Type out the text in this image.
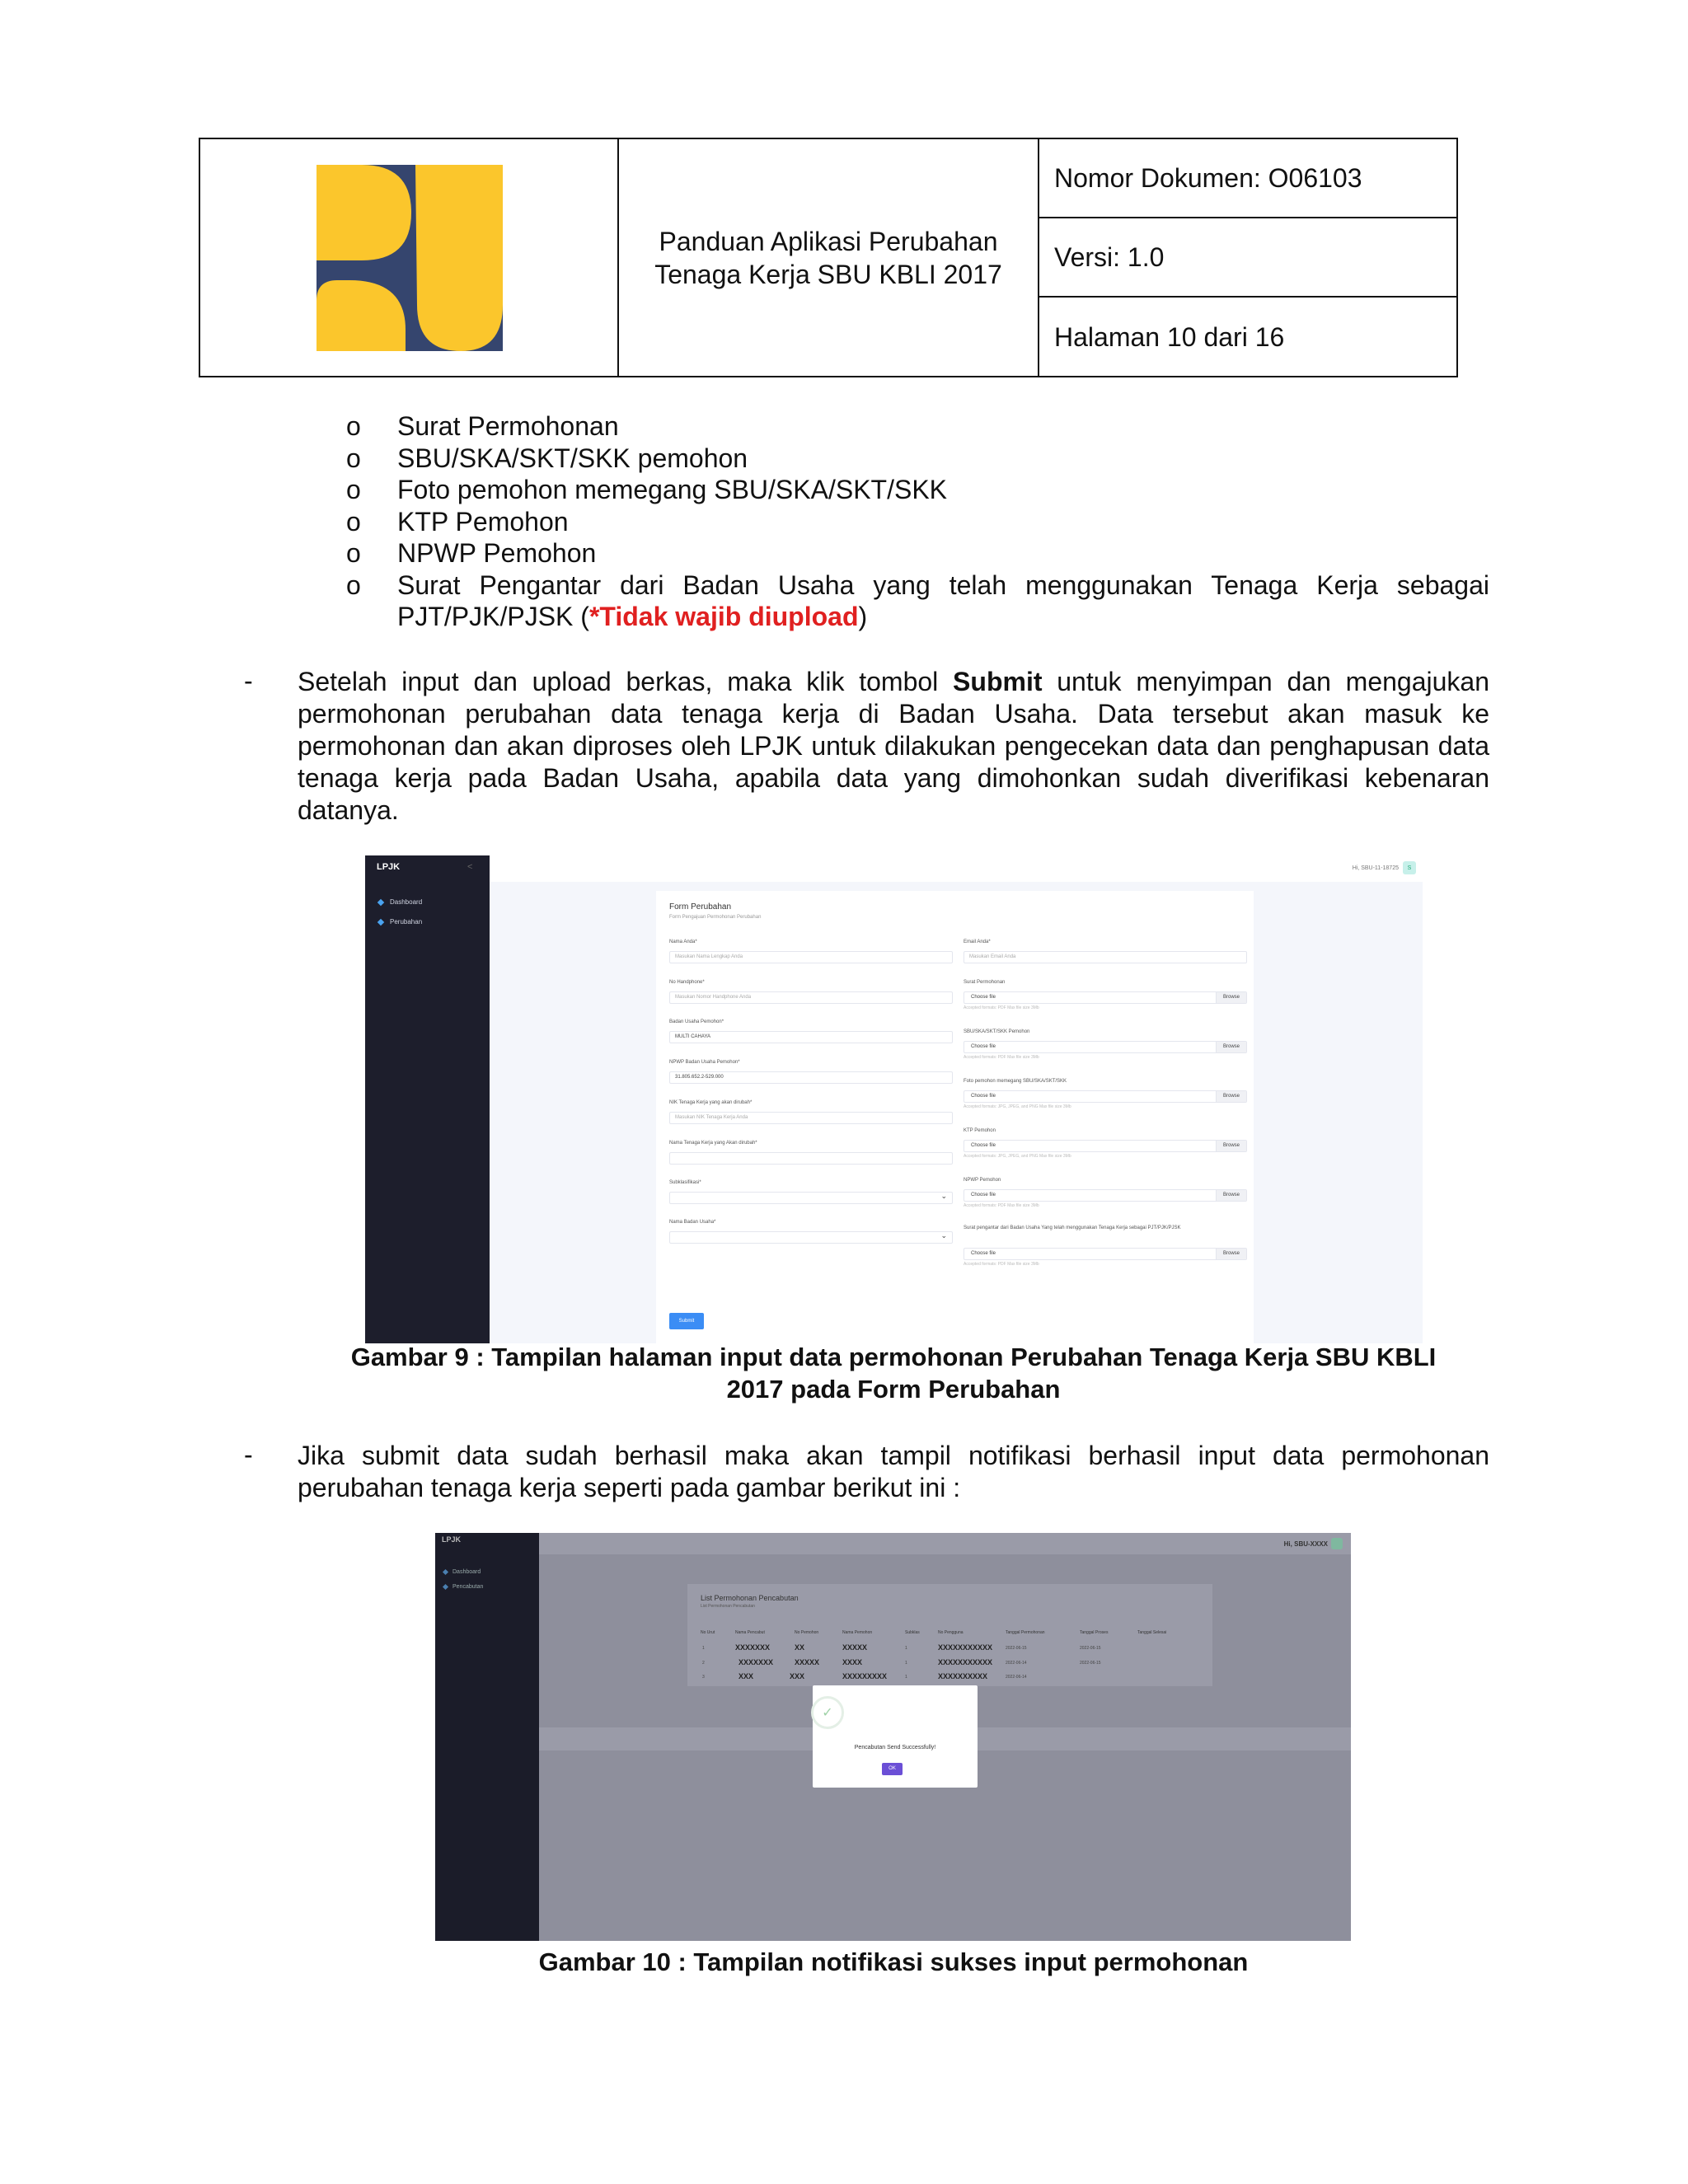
Panduan Aplikasi Perubahan
Tenaga Kerja SBU KBLI 2017
Nomor Dokumen: O06103
Versi: 1.0
Halaman 10 dari 16
o Surat Permohonan
o SBU/SKA/SKT/SKK pemohon
o Foto pemohon memegang SBU/SKA/SKT/SKK
o KTP Pemohon
o NPWP Pemohon
o Surat Pengantar dari Badan Usaha yang telah menggunakan Tenaga Kerja sebagai
PJT/PJK/PJSK (*Tidak wajib diupload)
- Setelah input dan upload berkas, maka klik tombol Submit untuk menyimpan dan mengajukan permohonan perubahan data tenaga kerja di Badan Usaha. Data tersebut akan masuk ke permohonan dan akan diproses oleh LPJK untuk dilakukan pengecekan data dan penghapusan data tenaga kerja pada Badan Usaha, apabila data yang dimohonkan sudah diverifikasi kebenaran datanya.
LPJK	<
Dashboard
Perubahan
Hi, SBU-11-18725	S
Form Perubahan
Form Pengajuan Permohonan Perubahan
Nama Anda*
Masukan Nama Lengkap Anda
No Handphone*
Masukan Nomor Handphone Anda
Badan Usaha Pemohon*
MULTI CAHAYA
NPWP Badan Usaha Pemohon*
31.805.652.2-529.000
NIK Tenaga Kerja yang akan dirubah*
Masukan NIK Tenaga Kerja Anda
Nama Tenaga Kerja yang Akan dirubah*
Subklasifikasi*
⌄
Nama Badan Usaha*
⌄
Email Anda*
Masukan Email Anda
Surat Permohonan
Choose file	Browse
Accepted formats: PDF Max file size 3Mb
SBU/SKA/SKT/SKK Pemohon
Choose file	Browse
Accepted formats: PDF Max file size 3Mb
Foto pemohon memegang SBU/SKA/SKT/SKK
Choose file	Browse
Accepted formats: JPG, JPEG, and PNG Max file size 3Mb
KTP Pemohon
Choose file	Browse
Accepted formats: JPG, JPEG, and PNG Max file size 3Mb
NPWP Pemohon
Choose file	Browse
Accepted formats: PDF Max file size 3Mb
Surat pengantar dari Badan Usaha Yang telah menggunakan Tenaga Kerja sebagai PJT/PJK/PJSK
Choose file	Browse
Accepted formats: PDF Max file size 3Mb
Submit
Gambar 9 : Tampilan halaman input data permohonan Perubahan Tenaga Kerja SBU KBLI
2017 pada Form Perubahan
- Jika submit data sudah berhasil maka akan tampil notifikasi berhasil input data permohonan perubahan tenaga kerja seperti pada gambar berikut ini :
LPJK
Dashboard
Pencabutan
Hi, SBU-XXXX
List Permohonan Pencabutan
List Permohonan Pencabutan
No Urut	Nama Pencabut	No Pemohon	Nama Pemohon	Subklas	No Pengguna	Tanggal Permohonan	Tanggal Proses	Tanggal Selesai
1	XXXXXXX	XX	XXXXX	1	XXXXXXXXXXX	2022-06-15	2022-06-15
2	XXXXXXX	XXXXX	XXXX	1	XXXXXXXXXXX	2022-06-14	2022-06-15
3	XXX	XXX	XXXXXXXXX	1	XXXXXXXXXX	2022-06-14
✓
Pencabutan Send Successfully!
OK
Gambar 10 : Tampilan notifikasi sukses input permohonan
